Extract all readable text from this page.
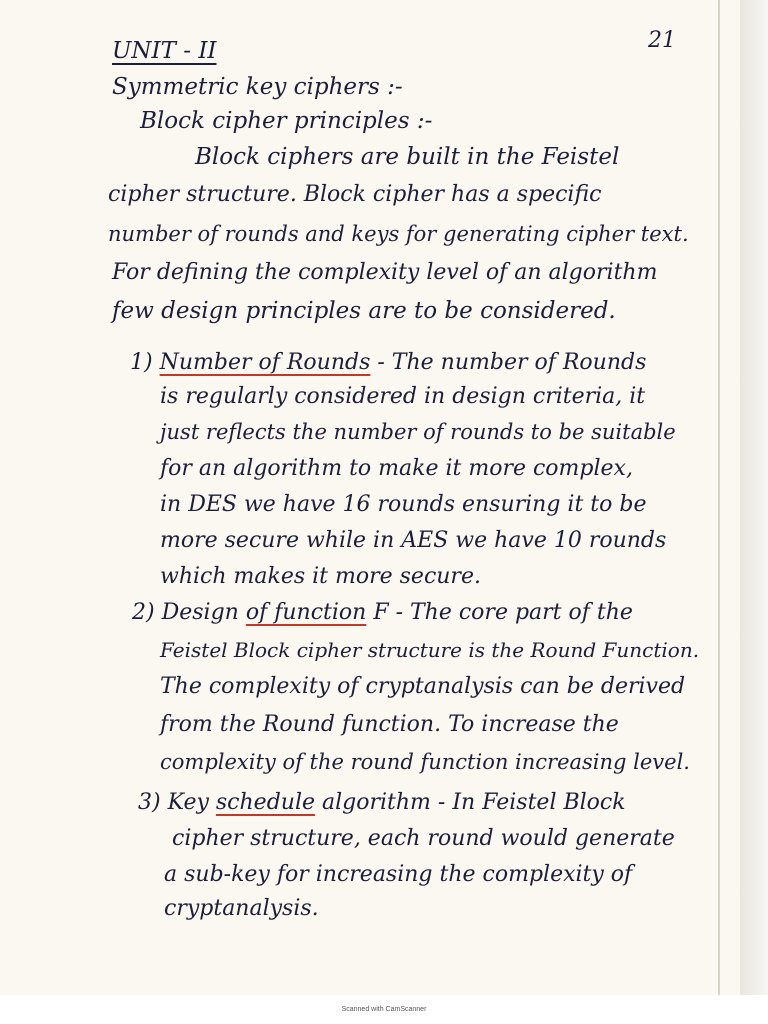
21

UNIT - II

Symmetric key ciphers :-

Block cipher principles :-

Block ciphers are built in the Feistel

cipher structure. Block cipher has a specific

number of rounds and keys for generating cipher text.

For defining the complexity level of an algorithm

few design principles are to be considered.

1) Number of Rounds - The number of Rounds

is regularly considered in design criteria, it

just reflects the number of rounds to be suitable

for an algorithm to make it more complex,

in DES we have 16 rounds ensuring it to be

more secure while in AES we have 10 rounds

which makes it more secure.

2) Design of function F - The core part of the

Feistel Block cipher structure is the Round Function.

The complexity of cryptanalysis can be derived

from the Round function. To increase the

complexity of the round function increasing level.

3) Key schedule algorithm - In Feistel Block

cipher structure, each round would generate

a sub-key for increasing the complexity of

cryptanalysis.

Scanned with CamScanner
